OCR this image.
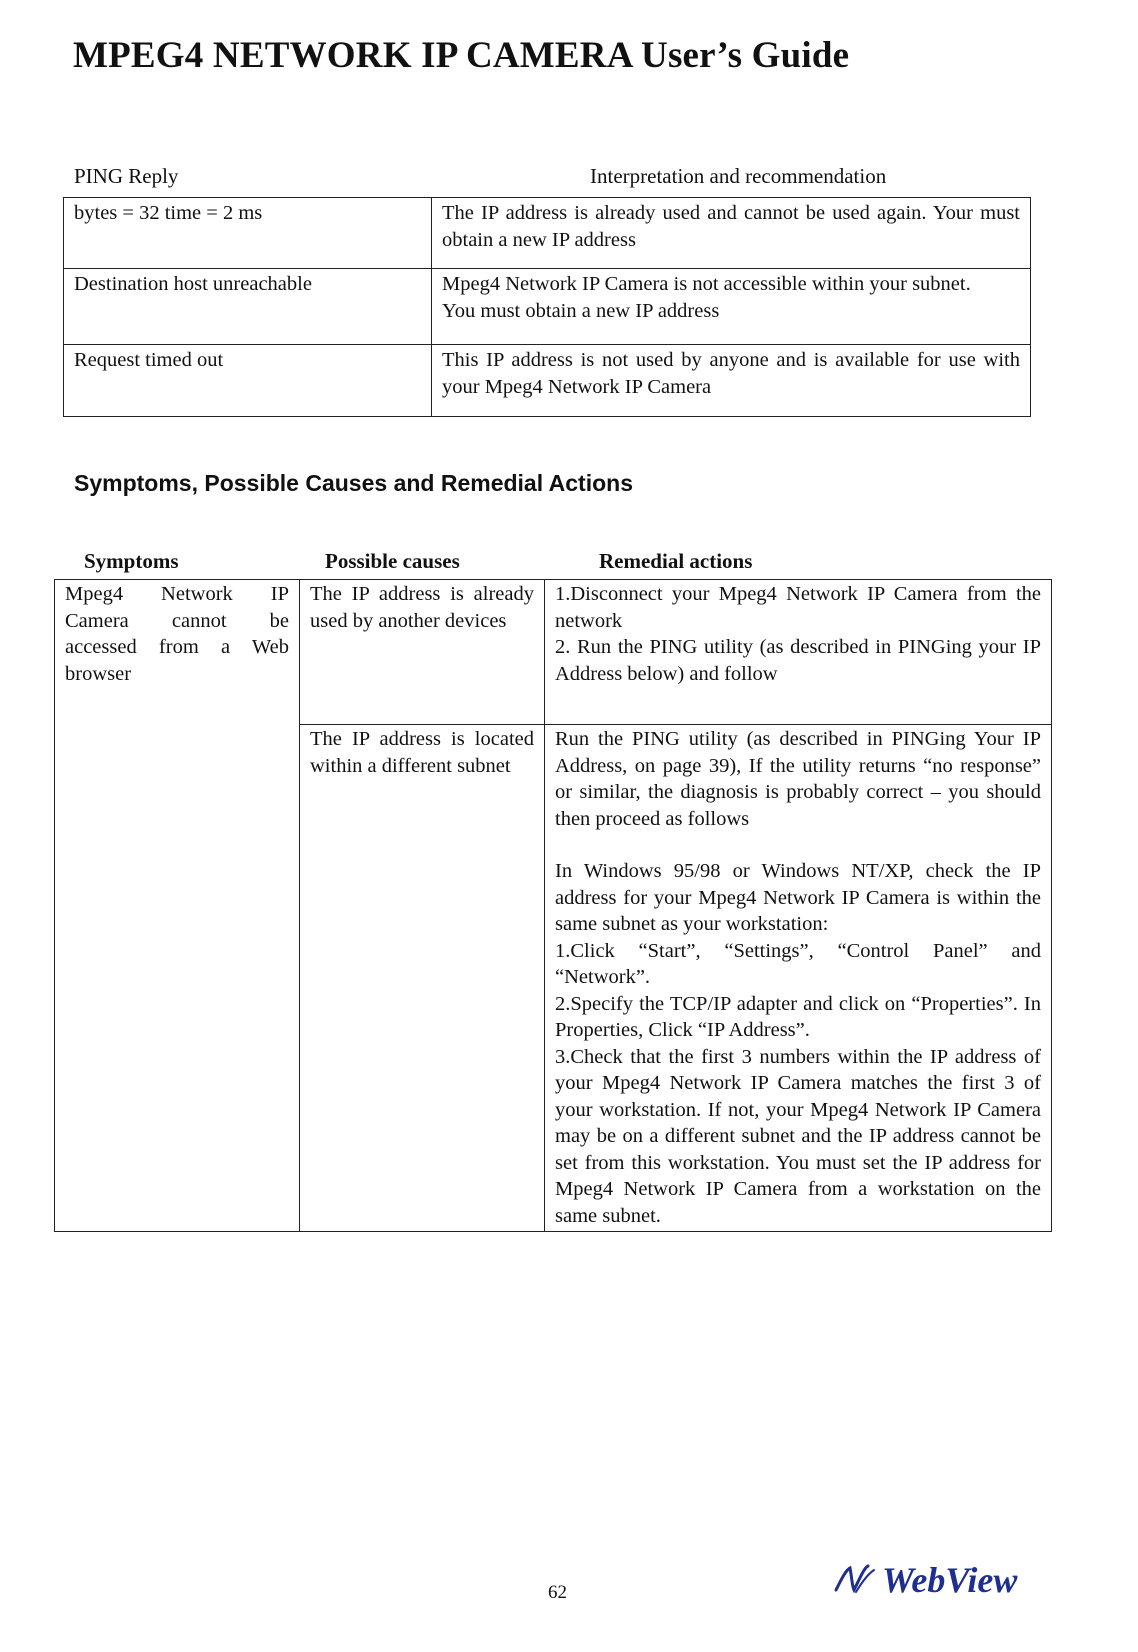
MPEG4 NETWORK IP CAMERA User’s Guide
PING Reply	Interpretation and recommendation
bytes = 32 time = 2 ms	The IP address is already used and cannot be used again. Your must obtain a new IP address

Destination host unreachable	Mpeg4 Network IP Camera is not accessible within your subnet.

You must obtain a new IP address

Request timed out	This IP address is not used by anyone and is available for use with your Mpeg4 Network IP Camera

Symptoms, Possible Causes and Remedial Actions
Symptoms	Possible causes	Remedial actions
Mpeg4 Network IP Camera cannot be accessed from a Web browser	The IP address is already used by another devices	1.Disconnect your Mpeg4 Network IP Camera from the network

2. Run the PING utility (as described in PINGing your IP Address below) and follow

	The IP address is located within a different subnet	Run the PING utility (as described in PINGing Your IP Address, on page 39), If the utility returns “no response” or similar, the diagnosis is probably correct – you should then proceed as follows

In Windows 95/98 or Windows NT/XP, check the IP address for your Mpeg4 Network IP Camera is within the same subnet as your workstation:

1.Click “Start”, “Settings”, “Control Panel” and “Network”.

2.Specify the TCP/IP adapter and click on “Properties”. In Properties, Click “IP Address”.

3.Check that the first 3 numbers within the IP address of your Mpeg4 Network IP Camera matches the first 3 of your workstation. If not, your Mpeg4 Network IP Camera may be on a different subnet and the IP address cannot be set from this workstation. You must set the IP address for Mpeg4 Network IP Camera from a workstation on the same subnet.

62	WebView
